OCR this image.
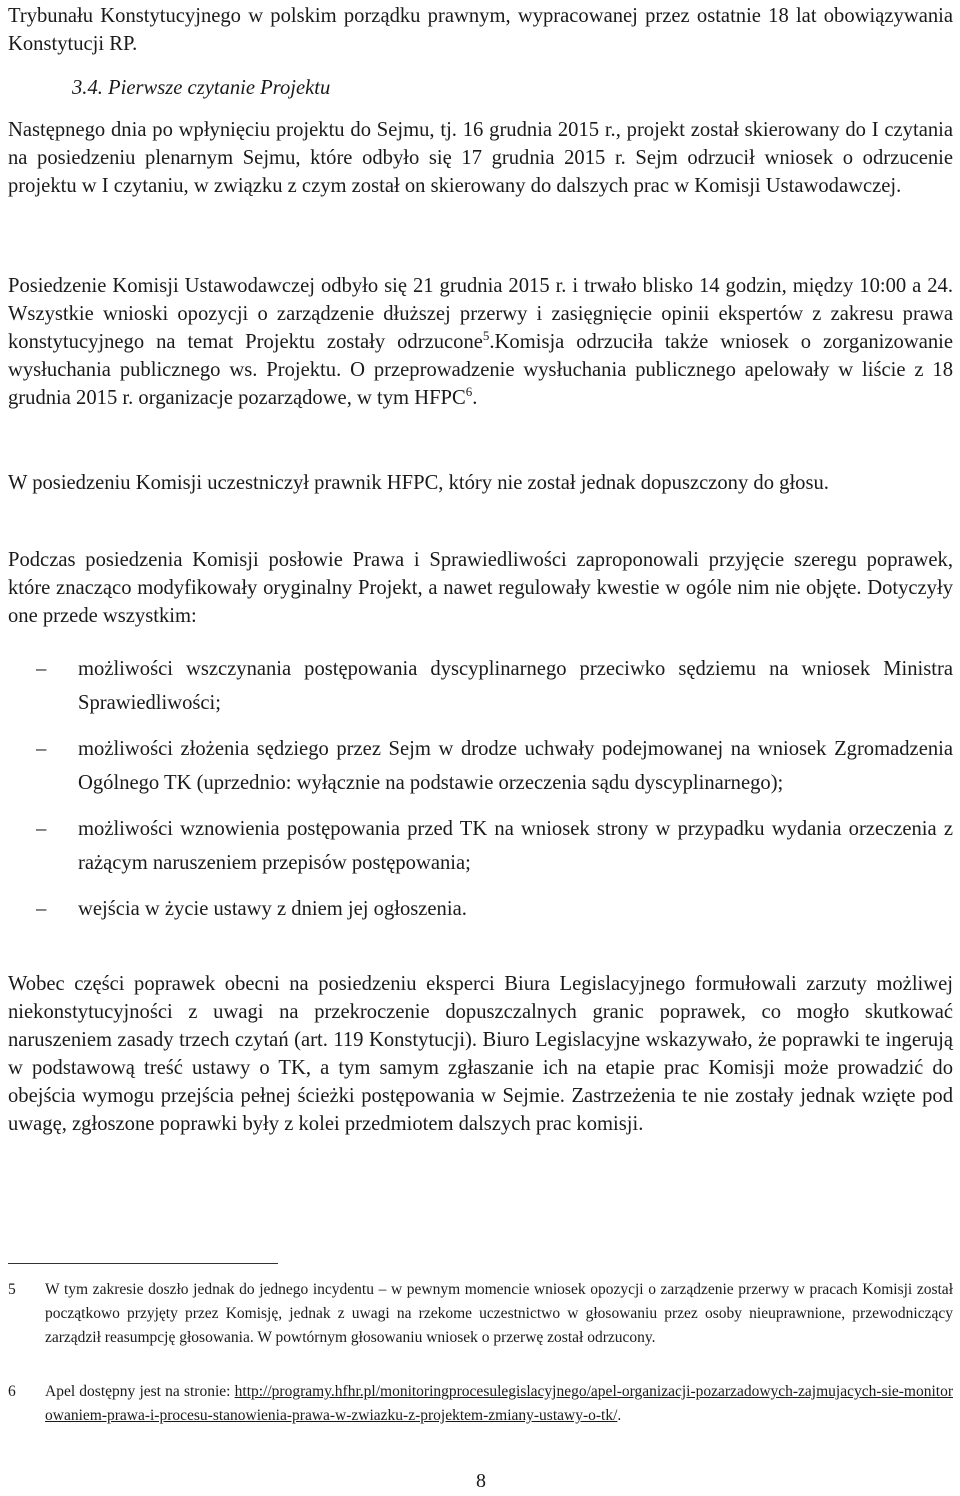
Trybunału Konstytucyjnego w polskim porządku prawnym, wypracowanej przez ostatnie 18 lat obowiązywania Konstytucji RP.

3.4. Pierwsze czytanie Projektu

Następnego dnia po wpłynięciu projektu do Sejmu, tj. 16 grudnia 2015 r., projekt został skierowany do I czytania na posiedzeniu plenarnym Sejmu, które odbyło się 17 grudnia 2015 r. Sejm odrzucił wniosek o odrzucenie projektu w I czytaniu, w związku z czym został on skierowany do dalszych prac w Komisji Ustawodawczej.

Posiedzenie Komisji Ustawodawczej odbyło się 21 grudnia 2015 r. i trwało blisko 14 godzin, między 10:00 a 24. Wszystkie wnioski opozycji o zarządzenie dłuższej przerwy i zasięgnięcie opinii ekspertów z zakresu prawa konstytucyjnego na temat Projektu zostały odrzucone$^5$.Komisja odrzuciła także wniosek o zorganizowanie wysłuchania publicznego ws. Projektu. O przeprowadzenie wysłuchania publicznego apelowały w liście z 18 grudnia 2015 r. organizacje pozarządowe, w tym HFPC$^6$.

W posiedzeniu Komisji uczestniczył prawnik HFPC, który nie został jednak dopuszczony do głosu.

Podczas posiedzenia Komisji posłowie Prawa i Sprawiedliwości zaproponowali przyjęcie szeregu poprawek, które znacząco modyfikowały oryginalny Projekt, a nawet regulowały kwestie w ogóle nim nie objęte. Dotyczyły one przede wszystkim:

– możliwości wszczynania postępowania dyscyplinarnego przeciwko sędziemu na wniosek Ministra Sprawiedliwości;
– możliwości złożenia sędziego przez Sejm w drodze uchwały podejmowanej na wniosek Zgromadzenia Ogólnego TK (uprzednio: wyłącznie na podstawie orzeczenia sądu dyscyplinarnego);
– możliwości wznowienia postępowania przed TK na wniosek strony w przypadku wydania orzeczenia z rażącym naruszeniem przepisów postępowania;
– wejścia w życie ustawy z dniem jej ogłoszenia.

Wobec części poprawek obecni na posiedzeniu eksperci Biura Legislacyjnego formułowali zarzuty możliwej niekonstytucyjności z uwagi na przekroczenie dopuszczalnych granic poprawek, co mogło skutkować naruszeniem zasady trzech czytań (art. 119 Konstytucji). Biuro Legislacyjne wskazywało, że poprawki te ingerują w podstawową treść ustawy o TK, a tym samym zgłaszanie ich na etapie prac Komisji może prowadzić do obejścia wymogu przejścia pełnej ścieżki postępowania w Sejmie. Zastrzeżenia te nie zostały jednak wzięte pod uwagę, zgłoszone poprawki były z kolei przedmiotem dalszych prac komisji.

5 W tym zakresie doszło jednak do jednego incydentu – w pewnym momencie wniosek opozycji o zarządzenie przerwy w pracach Komisji został początkowo przyjęty przez Komisję, jednak z uwagi na rzekome uczestnictwo w głosowaniu przez osoby nieuprawnione, przewodniczący zarządził reasumpcję głosowania. W powtórnym głosowaniu wniosek o przerwę został odrzucony.
6 Apel dostępny jest na stronie: http://programy.hfhr.pl/monitoringprocesulegislacyjnego/apel-organizacji-pozarzadowych-zajmujacych-sie-monitorowaniem-prawa-i-procesu-stanowienia-prawa-w-zwiazku-z-projektem-zmiany-ustawy-o-tk/.
8
